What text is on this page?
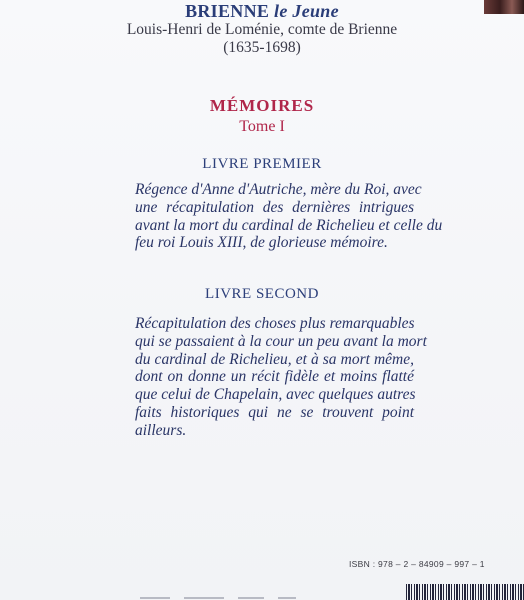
BRIENNE le Jeune
Louis-Henri de Loménie, comte de Brienne
(1635-1698)
MÉMOIRES
Tome I
LIVRE PREMIER
Régence d'Anne d'Autriche, mère du Roi, avec
une récapitulation des dernières intrigues
avant la mort du cardinal de Richelieu et celle du
feu roi Louis XIII, de glorieuse mémoire.
LIVRE SECOND
Récapitulation des choses plus remarquables
qui se passaient à la cour un peu avant la mort
du cardinal de Richelieu, et à sa mort même,
dont on donne un récit fidèle et moins flatté
que celui de Chapelain, avec quelques autres
faits historiques qui ne se trouvent point
ailleurs.
ISBN : 978 – 2 – 84909 – 997 – 1
